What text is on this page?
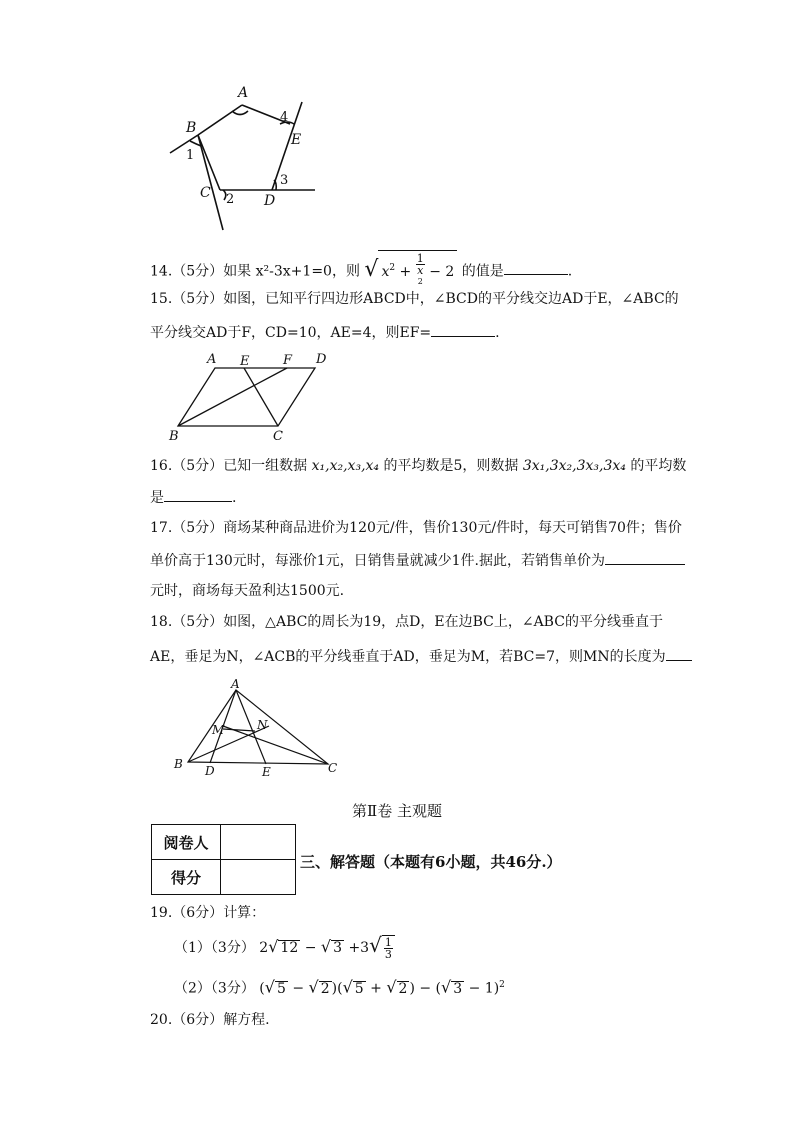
A
B
C	D
E
1
2
3
4
14.（5分）如果 x²-3x+1=0，则 √ $x^2 + 1$
x
$^2$ − 2 的值是	.
15.（5分）如图，已知平行四边形ABCD中，∠BCD的平分线交边AD于E，∠ABC的
平分线交AD于F，CD=10，AE=4，则EF=	.
A E	F D
B	C
16.（5分）已知一组数据 x₁,x₂,x₃,x₄ 的平均数是5，则数据 3x₁,3x₂,3x₃,3x₄ 的平均数
是	.
17.（5分）商场某种商品进价为120元/件，售价130元/件时，每天可销售70件；售价
单价高于130元时，每涨价1元，日销售量就减少1件.据此，若销售单价为
元时，商场每天盈利达1500元.
18.（5分）如图，△ABC的周长为19，点D，E在边BC上，∠ABC的平分线垂直于
AE，垂足为N，∠ACB的平分线垂直于AD，垂足为M，若BC=7，则MN的长度为
A
M	N
B D	E	C
第Ⅱ卷 主观题
阅卷人	
得分	
三、解答题（本题有6小题，共46分.）
19.（6分）计算：
（1）（3分） 2√ 12 − √ $3 +3√ \frac{1}{3}$
（2）（3分） (√ 5 − √ 2 )(√ 5 + √ 2 ) − (√ 3 − 1)$^2$
20.（6分）解方程.
